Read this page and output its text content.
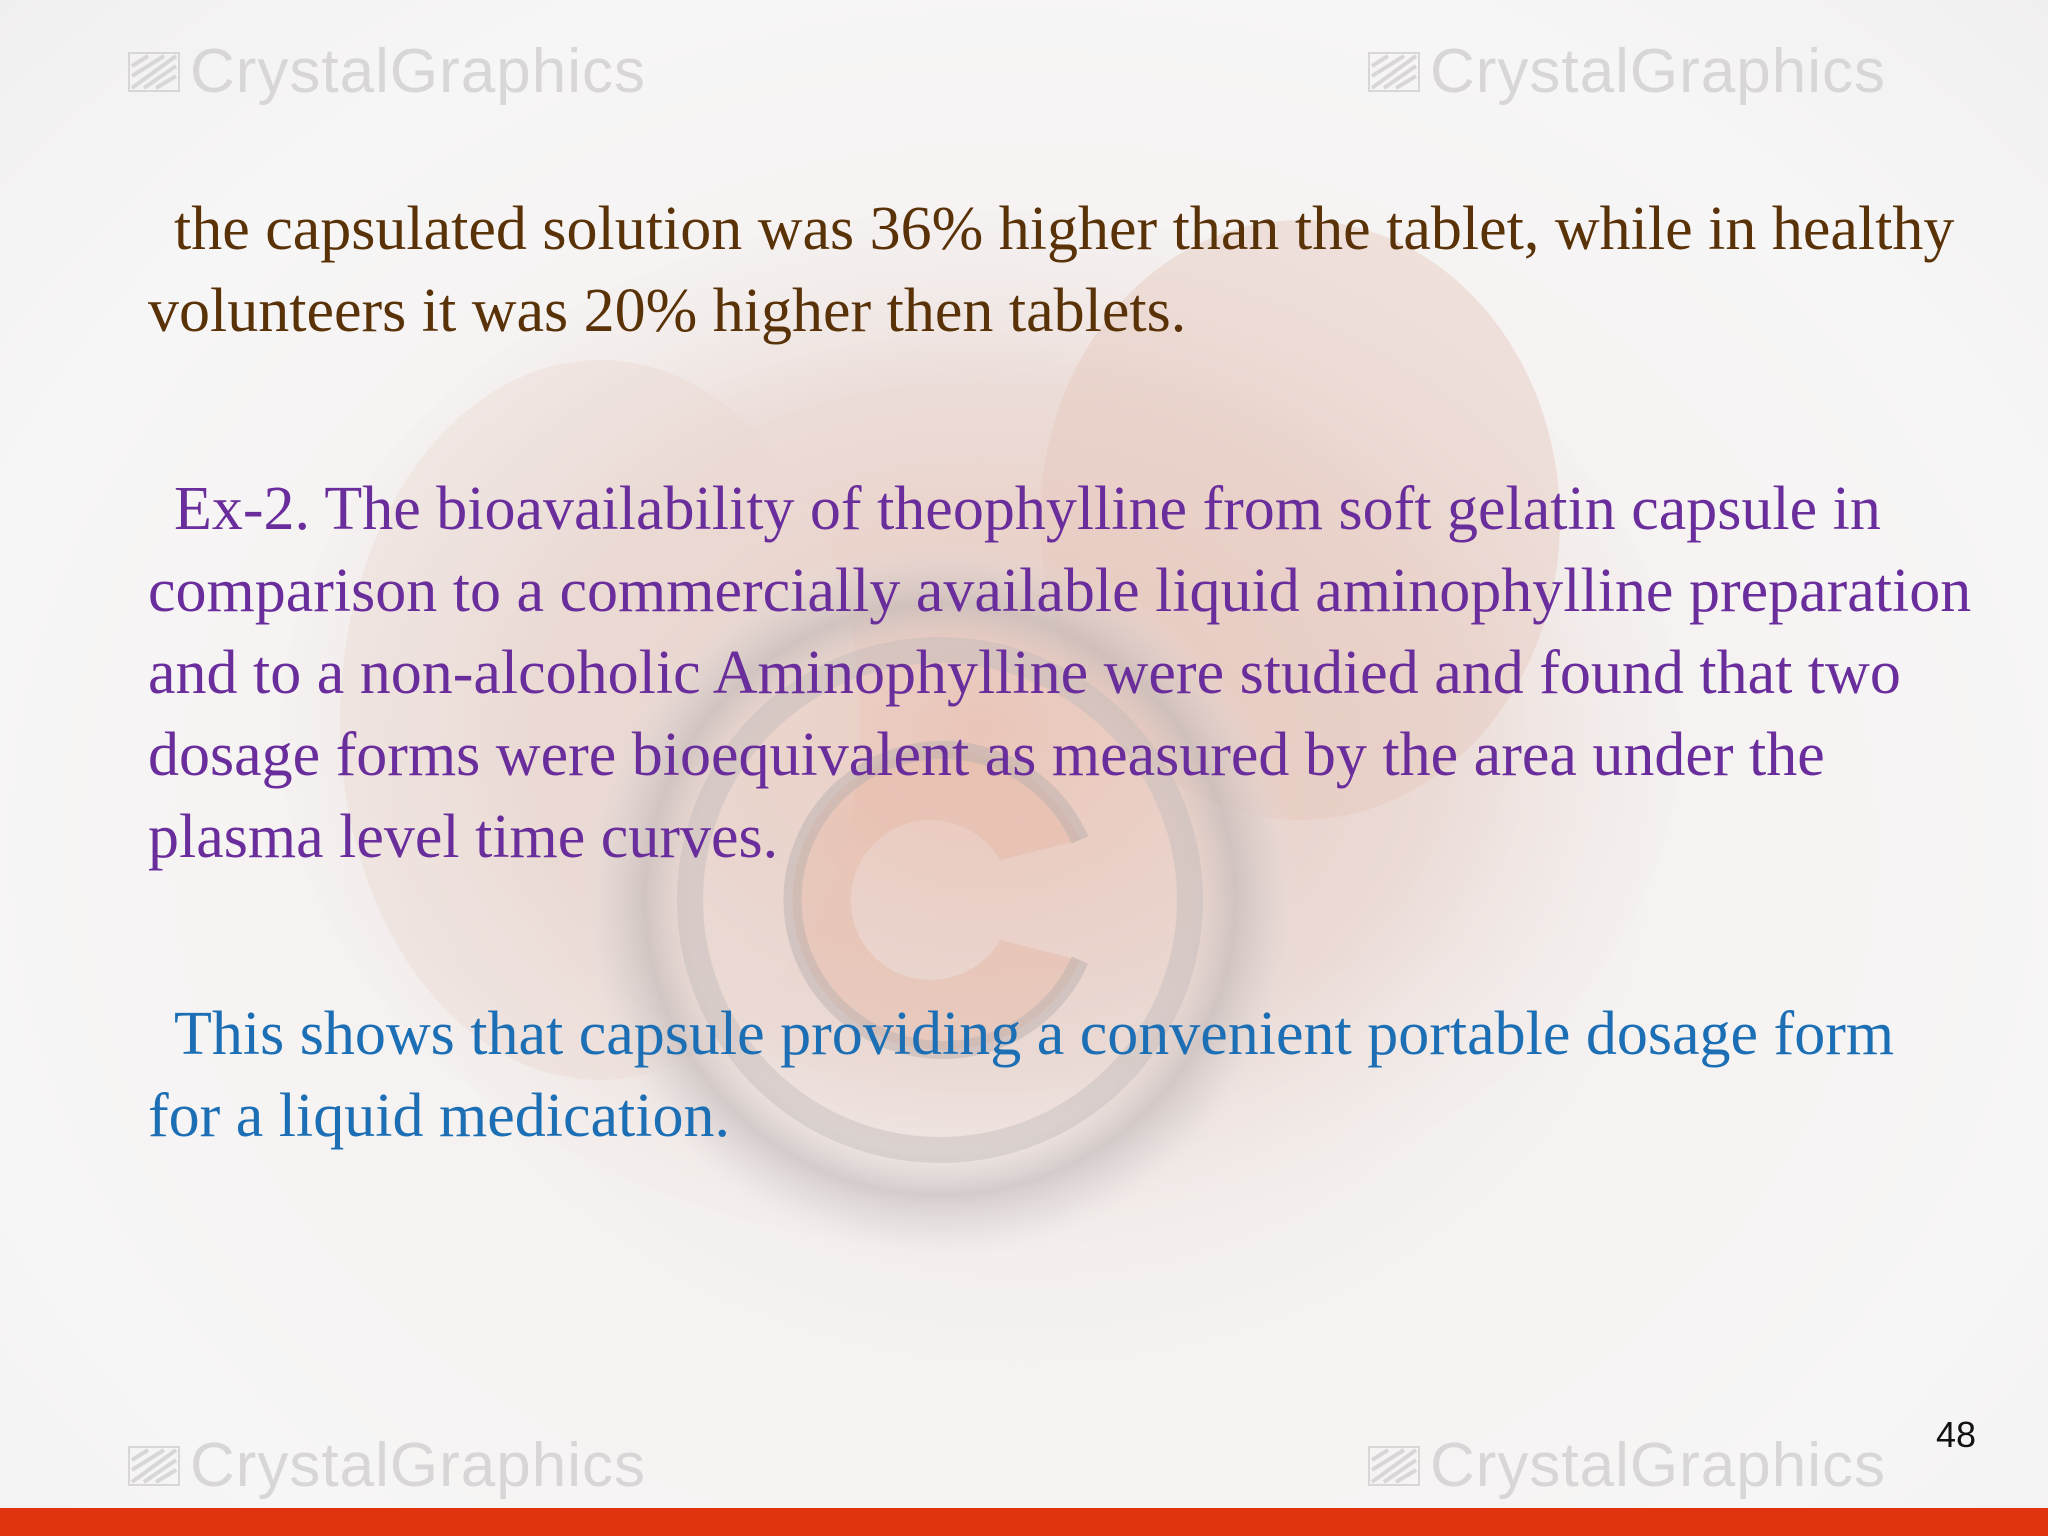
CrystalGraphics	CrystalGraphics
CrystalGraphics	CrystalGraphics

the capsulated solution was 36% higher than the tablet, while in healthy volunteers it was 20% higher then tablets.

Ex-2. The bioavailability of theophylline from soft gelatin capsule in comparison to a commercially available liquid aminophylline preparation and to a non-alcoholic Aminophylline were studied and found that two dosage forms were bioequivalent as measured by the area under the plasma level time curves.

This shows that capsule providing a convenient portable dosage form for a liquid medication.

48
